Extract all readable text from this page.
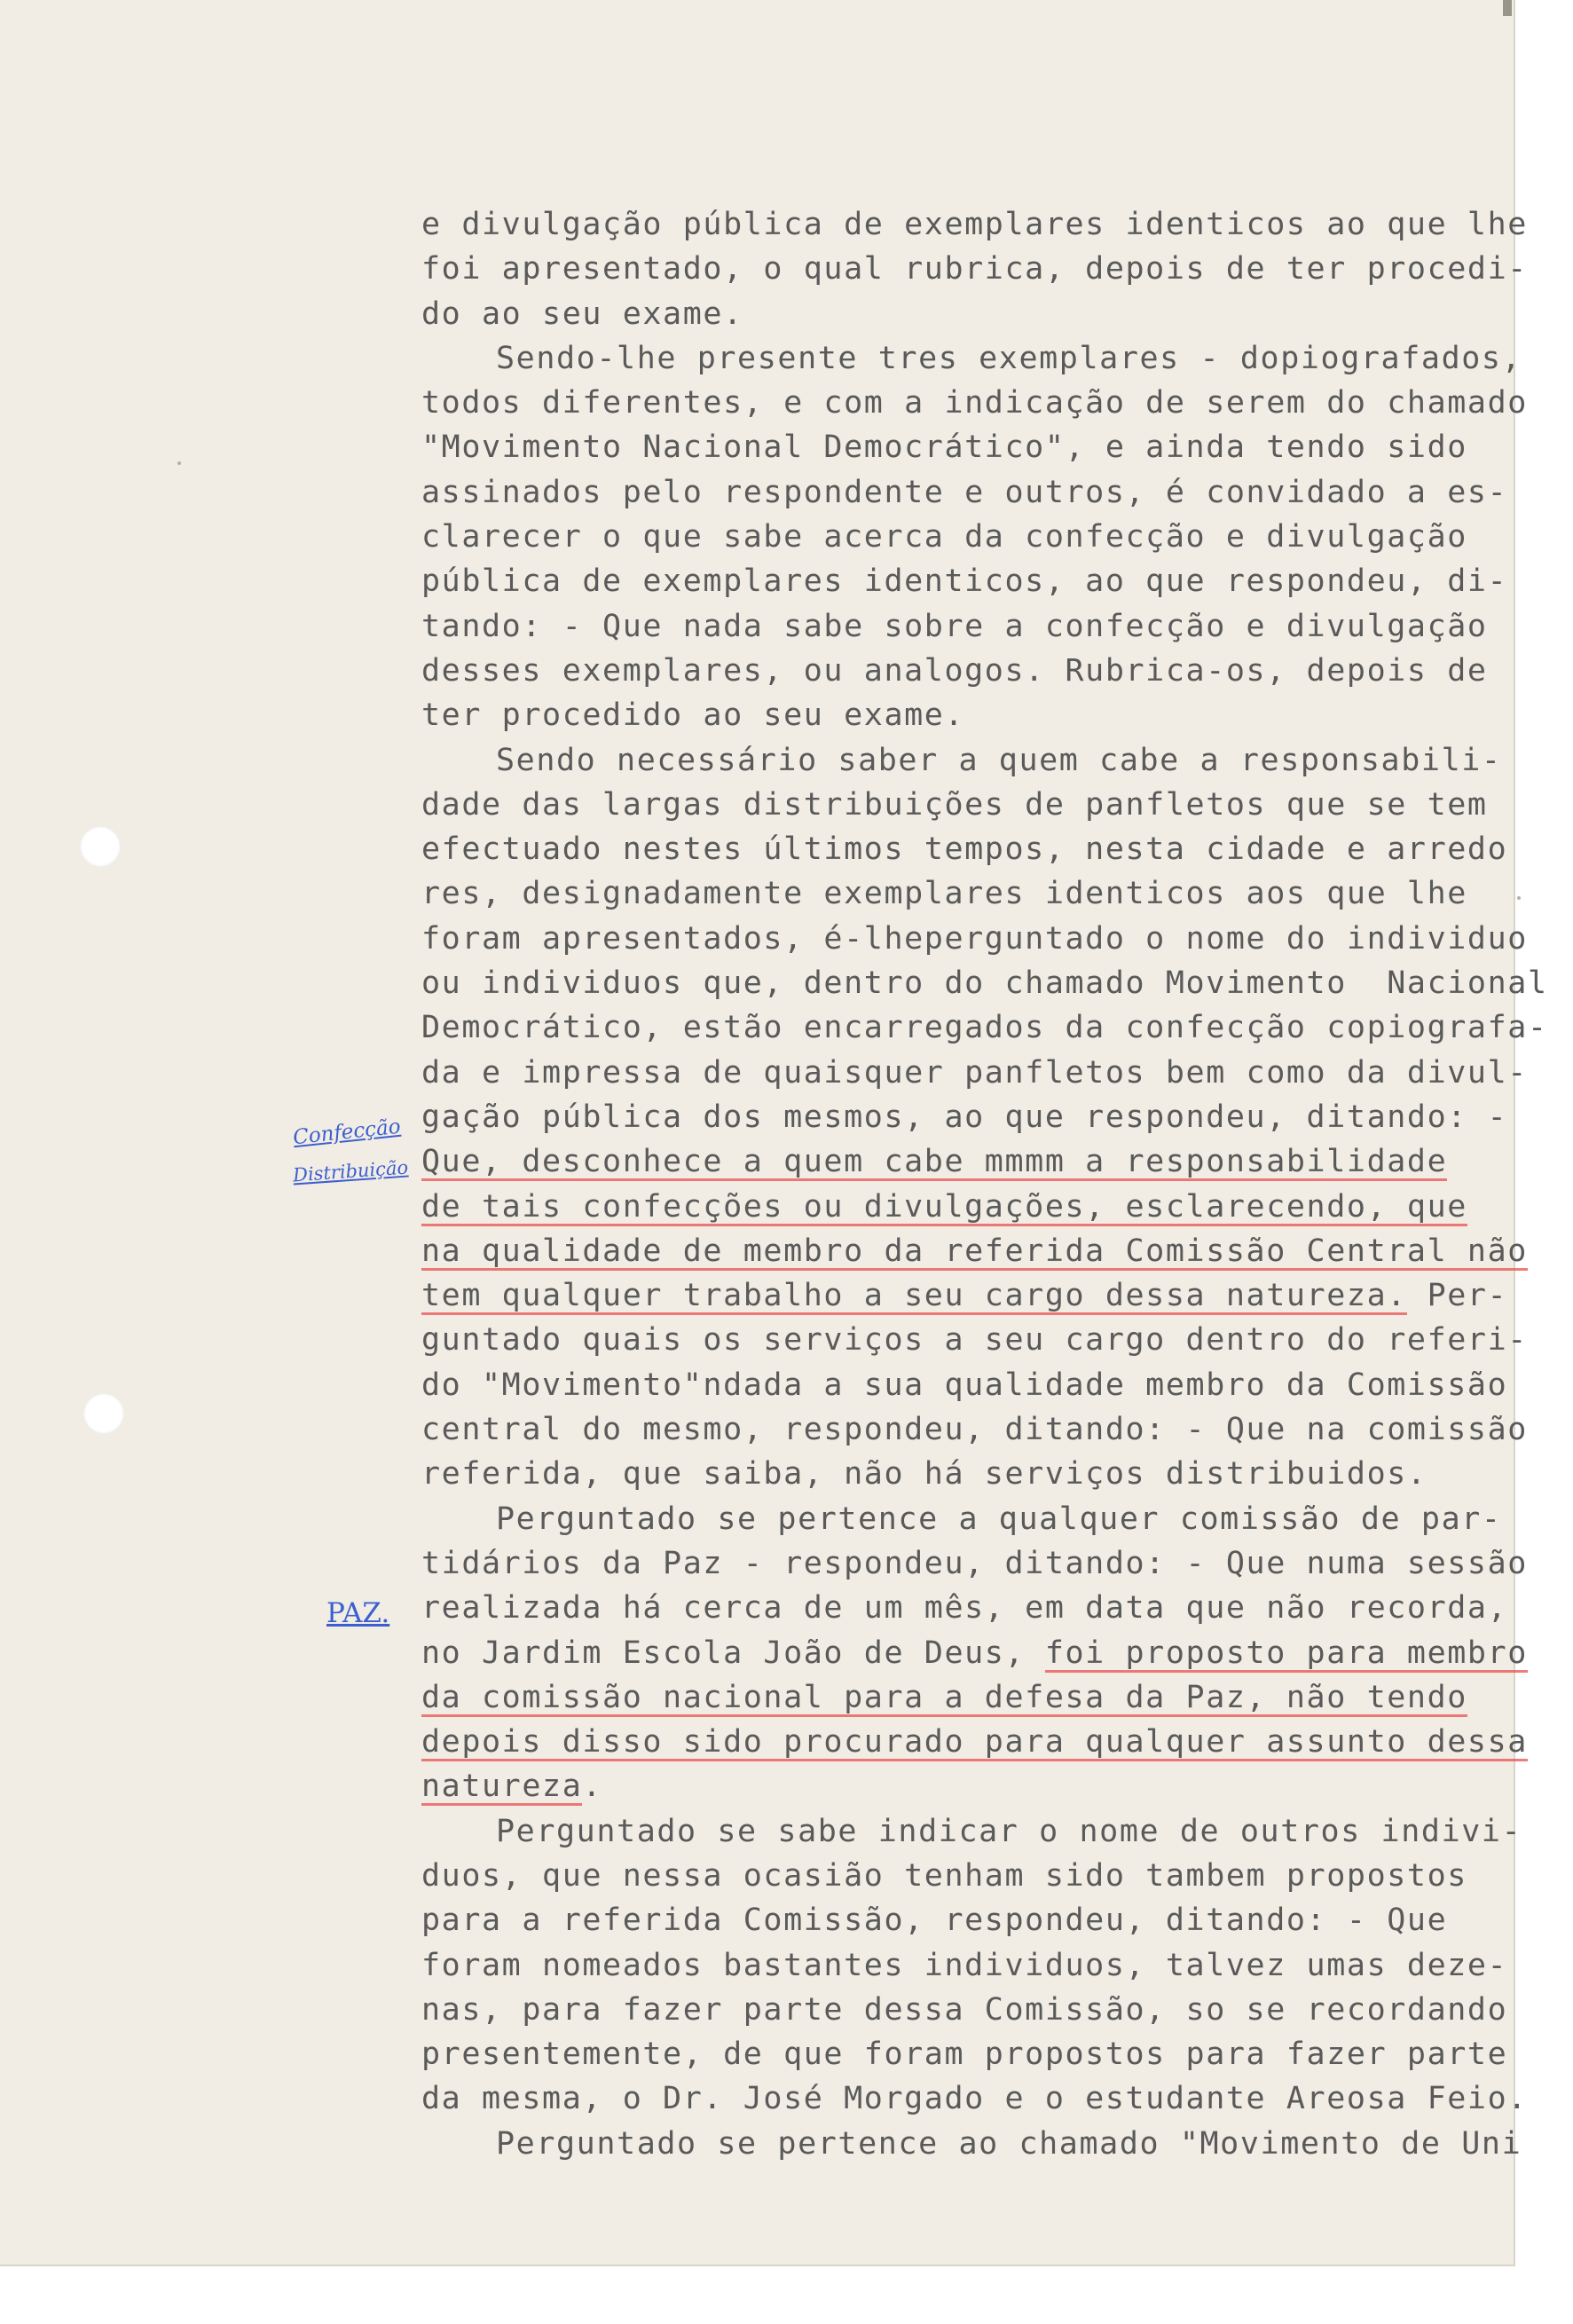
Confecção
Distribuição
PAZ.
e divulgação pública de exemplares identicos ao que lhe
foi apresentado, o qual rubrica, depois de ter procedi-
do ao seu exame.
Sendo-lhe presente tres exemplares - dopiografados,
todos diferentes, e com a indicação de serem do chamado
"Movimento Nacional Democrático", e ainda tendo sido
assinados pelo respondente e outros, é convidado a es-
clarecer o que sabe acerca da confecção e divulgação
pública de exemplares identicos, ao que respondeu, di-
tando: - Que nada sabe sobre a confecção e divulgação
desses exemplares, ou analogos. Rubrica-os, depois de
ter procedido ao seu exame.
Sendo necessário saber a quem cabe a responsabili-
dade das largas distribuições de panfletos que se tem
efectuado nestes últimos tempos, nesta cidade e arredo
res, designadamente exemplares identicos aos que lhe
foram apresentados, é-lheperguntado o nome do individuo
ou individuos que, dentro do chamado Movimento  Nacional
Democrático, estão encarregados da confecção copiografa-
da e impressa de quaisquer panfletos bem como da divul-
gação pública dos mesmos, ao que respondeu, ditando: -
Que, desconhece a quem cabe mmmm a responsabilidade
de tais confecções ou divulgações, esclarecendo, que
na qualidade de membro da referida Comissão Central não
tem qualquer trabalho a seu cargo dessa natureza. Per-
guntado quais os serviços a seu cargo dentro do referi-
do "Movimento"ndada a sua qualidade membro da Comissão
central do mesmo, respondeu, ditando: - Que na comissão
referida, que saiba, não há serviços distribuidos.
Perguntado se pertence a qualquer comissão de par-
tidários da Paz - respondeu, ditando: - Que numa sessão
realizada há cerca de um mês, em data que não recorda,
no Jardim Escola João de Deus, foi proposto para membro
da comissão nacional para a defesa da Paz, não tendo
depois disso sido procurado para qualquer assunto dessa
natureza.
Perguntado se sabe indicar o nome de outros indivi-
duos, que nessa ocasião tenham sido tambem propostos
para a referida Comissão, respondeu, ditando: - Que
foram nomeados bastantes individuos, talvez umas deze-
nas, para fazer parte dessa Comissão, so se recordando
presentemente, de que foram propostos para fazer parte
da mesma, o Dr. José Morgado e o estudante Areosa Feio.
Perguntado se pertence ao chamado "Movimento de Uni
